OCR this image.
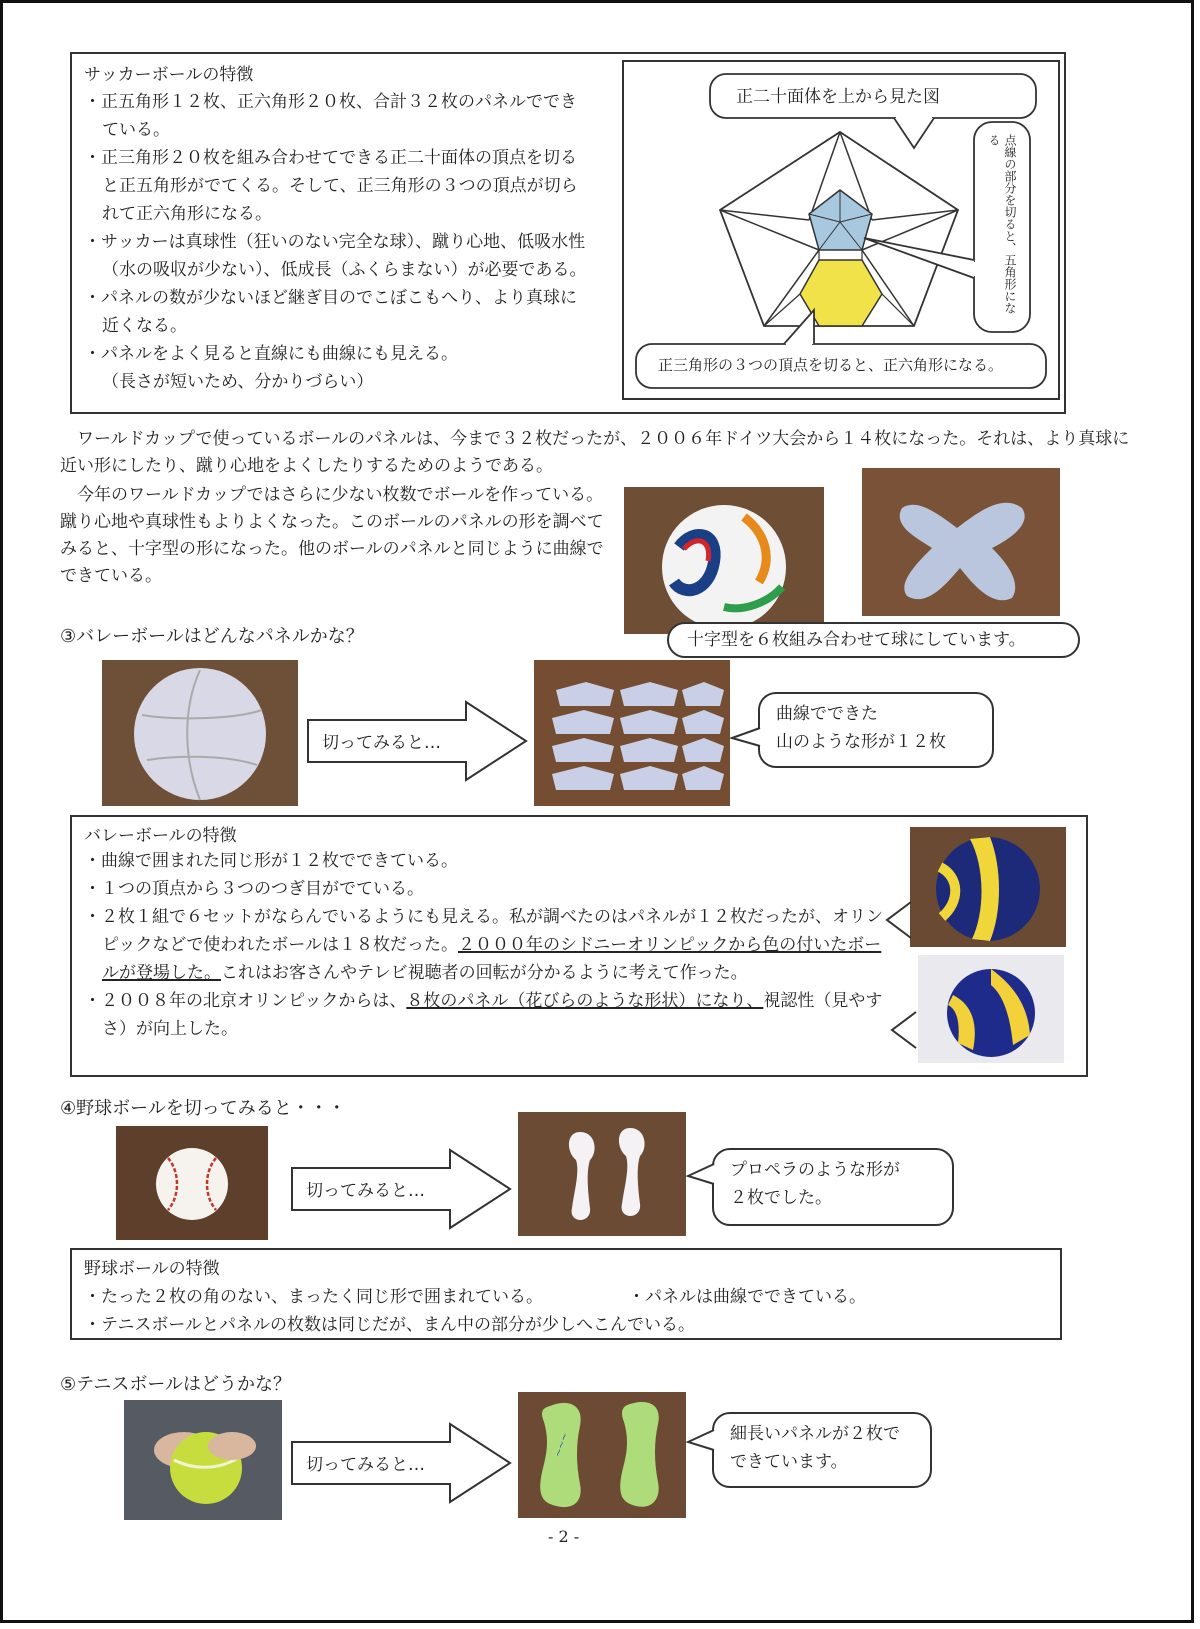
サッカーボールの特徴
・正五角形１２枚、正六角形２０枚、合計３２枚のパネルでできている。
・正三角形２０枚を組み合わせてできる正二十面体の頂点を切ると正五角形がでてくる。そして、正三角形の３つの頂点が切られて正六角形になる。
・サッカーは真球性（狂いのない完全な球）、蹴り心地、低吸水性（水の吸収が少ない）、低成長（ふくらまない）が必要である。
・パネルの数が少ないほど継ぎ目のでこぼこもへり、より真球に近くなる。
・パネルをよく見ると直線にも曲線にも見える。
（長さが短いため、分かりづらい）
正二十面体を上から見た図
点線の部分を切ると、五角形になる
正三角形の３つの頂点を切ると、正六角形になる。
ワールドカップで使っているボールのパネルは、今まで３２枚だったが、２００６年ドイツ大会から１４枚になった。それは、より真球に近い形にしたり、蹴り心地をよくしたりするためのようである。
今年のワールドカップではさらに少ない枚数でボールを作っている。蹴り心地や真球性もよりよくなった。このボールのパネルの形を調べてみると、十字型の形になった。他のボールのパネルと同じように曲線でできている。
十字型を６枚組み合わせて球にしています。
③バレーボールはどんなパネルかな？
切ってみると…
曲線でできた
山のような形が１２枚
バレーボールの特徴
・曲線で囲まれた同じ形が１２枚でできている。
・１つの頂点から３つのつぎ目がでている。
・２枚１組で６セットがならんでいるようにも見える。私が調べたのはパネルが１２枚だったが、オリンピックなどで使われたボールは１８枚だった。２０００年のシドニーオリンピックから色の付いたボールが登場した。これはお客さんやテレビ視聴者の回転が分かるように考えて作った。
・２００８年の北京オリンピックからは、８枚のパネル（花びらのような形状）になり、視認性（見やすさ）が向上した。
④野球ボールを切ってみると・・・
切ってみると…
プロペラのような形が
２枚でした。
野球ボールの特徴
・たった２枚の角のない、まったく同じ形で囲まれている。	・パネルは曲線でできている。
・テニスボールとパネルの枚数は同じだが、まん中の部分が少しへこんでいる。
⑤テニスボールはどうかな？
切ってみると…
~~~	細長いパネルが２枚で
できています。
- 2 -
